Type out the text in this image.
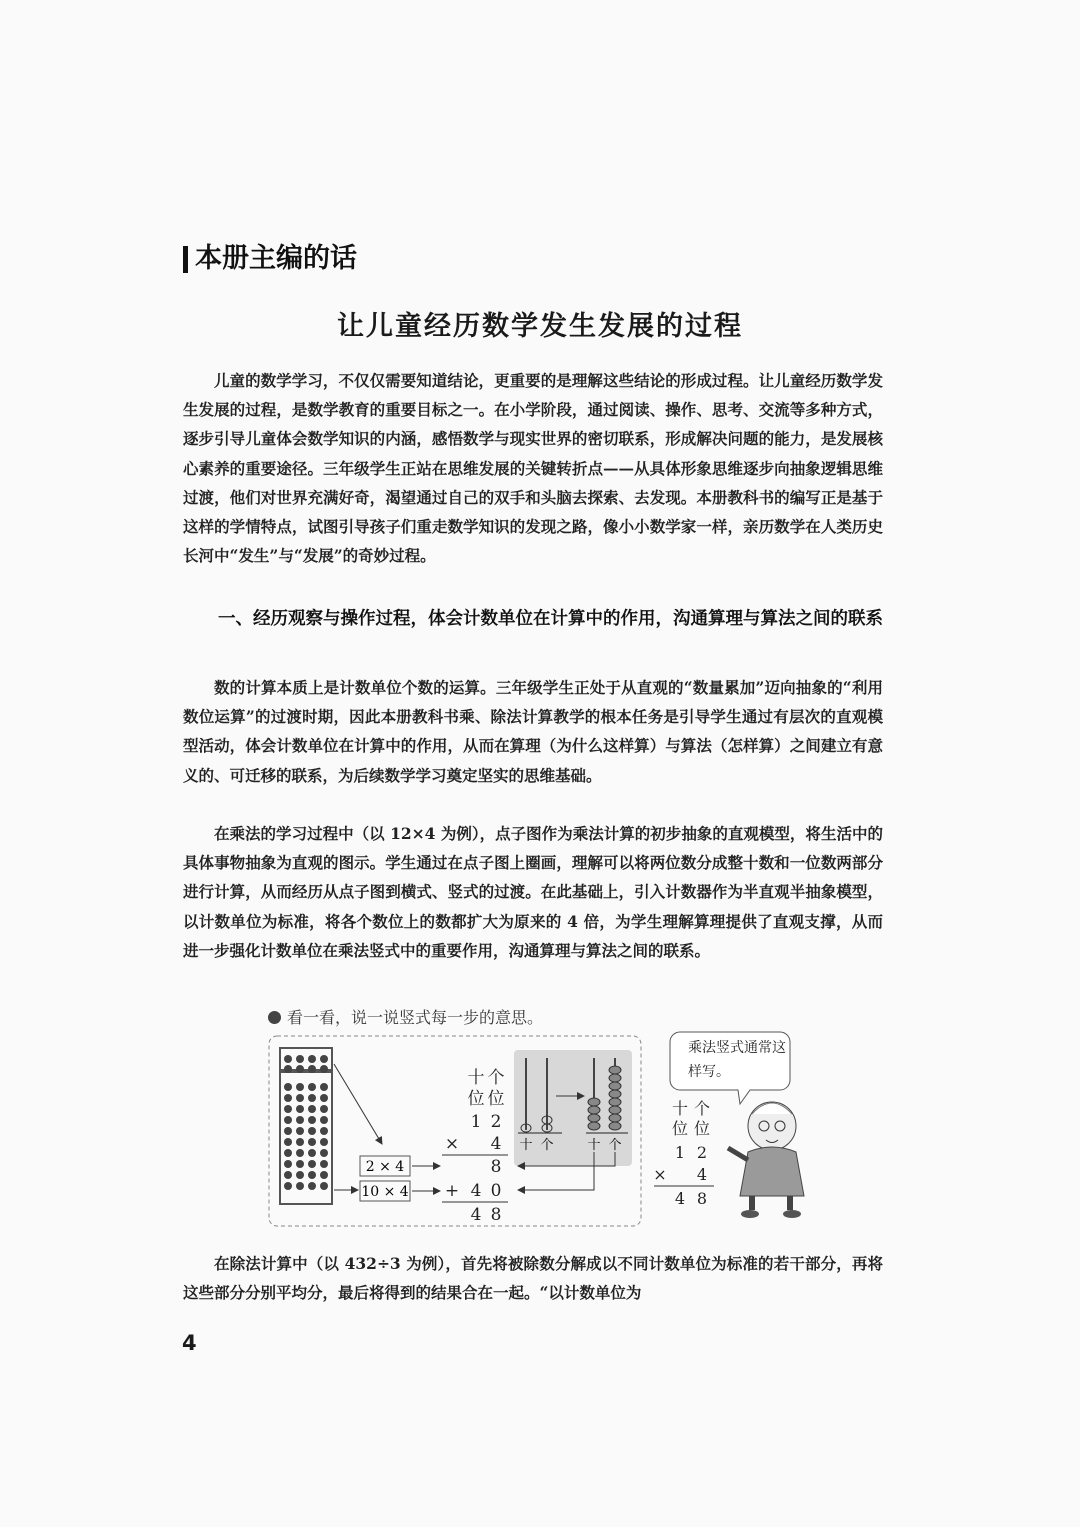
本册主编的话
让儿童经历数学发生发展的过程
儿童的数学学习，不仅仅需要知道结论，更重要的是理解这些结论的形成过程。让儿童经历数学发生发展的过程，是数学教育的重要目标之一。在小学阶段，通过阅读、操作、思考、交流等多种方式，逐步引导儿童体会数学知识的内涵，感悟数学与现实世界的密切联系，形成解决问题的能力，是发展核心素养的重要途径。三年级学生正站在思维发展的关键转折点——从具体形象思维逐步向抽象逻辑思维过渡，他们对世界充满好奇，渴望通过自己的双手和头脑去探索、去发现。本册教科书的编写正是基于这样的学情特点，试图引导孩子们重走数学知识的发现之路，像小小数学家一样，亲历数学在人类历史长河中“发生”与“发展”的奇妙过程。
一、经历观察与操作过程，体会计数单位在计算中的作用，沟通算理与算法之间的联系
数的计算本质上是计数单位个数的运算。三年级学生正处于从直观的“数量累加”迈向抽象的“利用数位运算”的过渡时期，因此本册教科书乘、除法计算教学的根本任务是引导学生通过有层次的直观模型活动，体会计数单位在计算中的作用，从而在算理（为什么这样算）与算法（怎样算）之间建立有意义的、可迁移的联系，为后续数学学习奠定坚实的思维基础。
在乘法的学习过程中（以 12×4 为例），点子图作为乘法计算的初步抽象的直观模型，将生活中的具体事物抽象为直观的图示。学生通过在点子图上圈画，理解可以将两位数分成整十数和一位数两部分进行计算，从而经历从点子图到横式、竖式的过渡。在此基础上，引入计数器作为半直观半抽象模型，以计数单位为标准，将各个数位上的数都扩大为原来的 4 倍，为学生理解算理提供了直观支撑，从而进一步强化计数单位在乘法竖式中的重要作用，沟通算理与算法之间的联系。
看一看，说一说竖式每一步的意思。
2 × 4
10 × 4
十 个
位 位
1 2
× 4
8
+ 4 0
4 8
十 个	十 个
乘法竖式通常这样写。
十 个
位 位
1 2
× 4
4 8
在除法计算中（以 432÷3 为例），首先将被除数分解成以不同计数单位为标准的若干部分，再将这些部分分别平均分，最后将得到的结果合在一起。“以计数单位为
4
